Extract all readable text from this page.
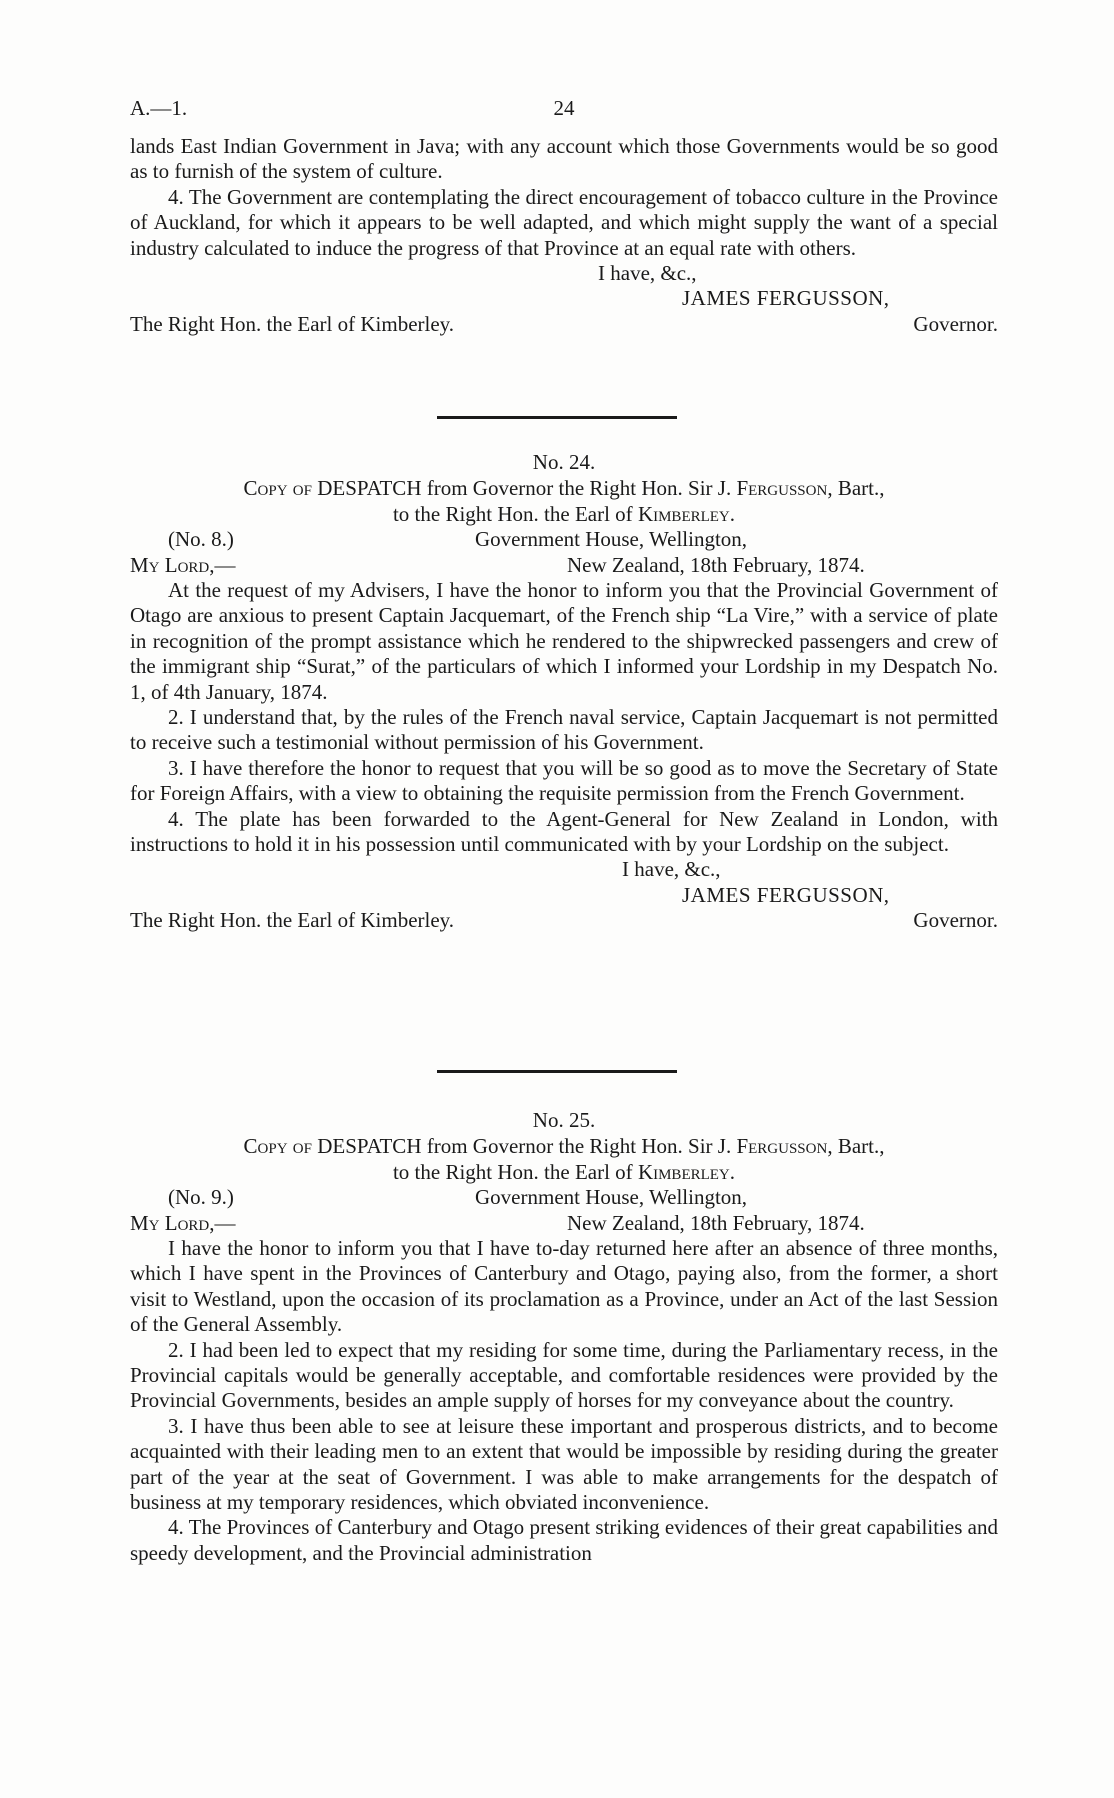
A.—1.	24

lands East Indian Government in Java; with any account which those Governments would be so good as to furnish of the system of culture.

4. The Government are contemplating the direct encouragement of tobacco culture in the Province of Auckland, for which it appears to be well adapted, and which might supply the want of a special industry calculated to induce the progress of that Province at an equal rate with others.

I have, &c.,
JAMES FERGUSSON,
The Right Hon. the Earl of Kimberley.	Governor.
No. 24.
Copy of DESPATCH from Governor the Right Hon. Sir J. Fergusson, Bart.,
to the Right Hon. the Earl of Kimberley.
(No. 8.)	Government House, Wellington,
My Lord,—	New Zealand, 18th February, 1874.

At the request of my Advisers, I have the honor to inform you that the Provincial Government of Otago are anxious to present Captain Jacquemart, of the French ship “La Vire,” with a service of plate in recognition of the prompt assistance which he rendered to the shipwrecked passengers and crew of the immigrant ship “Surat,” of the particulars of which I informed your Lordship in my Despatch No. 1, of 4th January, 1874.

2. I understand that, by the rules of the French naval service, Captain Jacquemart is not permitted to receive such a testimonial without permission of his Government.

3. I have therefore the honor to request that you will be so good as to move the Secretary of State for Foreign Affairs, with a view to obtaining the requisite permission from the French Government.

4. The plate has been forwarded to the Agent-General for New Zealand in London, with instructions to hold it in his possession until communicated with by your Lordship on the subject.

I have, &c.,
JAMES FERGUSSON,
The Right Hon. the Earl of Kimberley.	Governor.
No. 25.
Copy of DESPATCH from Governor the Right Hon. Sir J. Fergusson, Bart.,
to the Right Hon. the Earl of Kimberley.
(No. 9.)	Government House, Wellington,
My Lord,—	New Zealand, 18th February, 1874.

I have the honor to inform you that I have to-day returned here after an absence of three months, which I have spent in the Provinces of Canterbury and Otago, paying also, from the former, a short visit to Westland, upon the occasion of its proclamation as a Province, under an Act of the last Session of the General Assembly.

2. I had been led to expect that my residing for some time, during the Parliamentary recess, in the Provincial capitals would be generally acceptable, and comfortable residences were provided by the Provincial Governments, besides an ample supply of horses for my conveyance about the country.

3. I have thus been able to see at leisure these important and prosperous districts, and to become acquainted with their leading men to an extent that would be impossible by residing during the greater part of the year at the seat of Government. I was able to make arrangements for the despatch of business at my temporary residences, which obviated inconvenience.

4. The Provinces of Canterbury and Otago present striking evidences of their great capabilities and speedy development, and the Provincial administration
